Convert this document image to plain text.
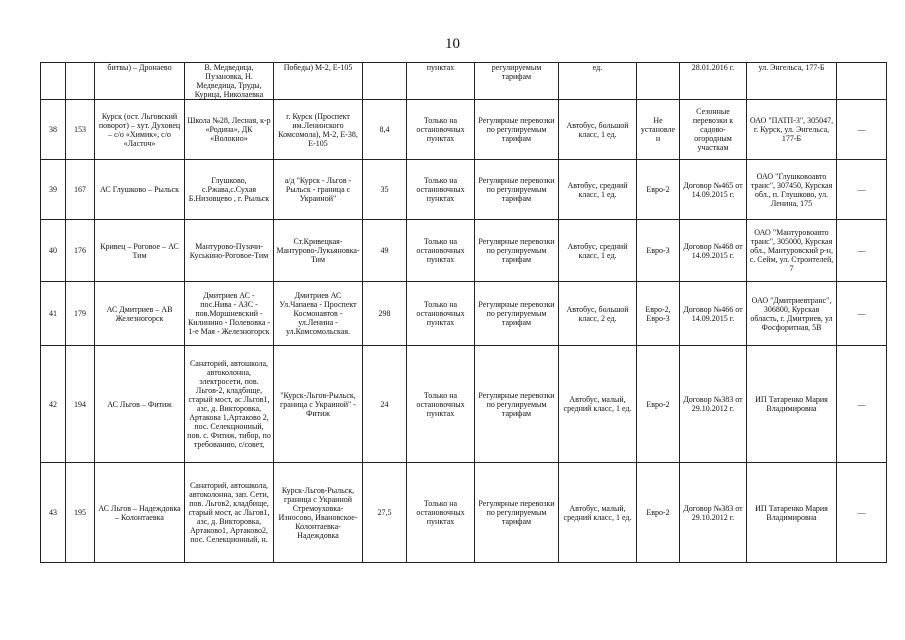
10
		битвы) – Дронаево	В. Медведица, Пузановка, Н. Медведица, Труды, Курица, Николаевка	Победы) М-2, Е-105		пунктах	регулируемым тарифам	ед.		28.01.2016 г.	ул. Энгельса, 177-Б	
38	153	Курск (ост. Льговский поворот) – хут. Духовец – с/о «Химик», с/о «Ласточ»	Школа №28, Лесная, к-р «Родина», ДК «Волокно»	г. Курск (Проспект им.Ленинского Комсомола), М-2, Е-38, Е-105	8,4	Только на остановочных пунктах	Регулярные перевозки по регулируемым тарифам	Автобус, большой класс, 1 ед.	Не установлен	Сезонные перевозки к садово-огородным участкам	ОАО "ПАТП-3", 305047, г. Курск, ул. Энгельса, 177-Б	—
39	167	АС Глушково – Рыльск	Глушково, с.Ржава,с.Сухая Б.Низовцево , г. Рыльск	а/д "Курск - Льгов - Рыльск - граница с Украиной"	35	Только на остановочных пунктах	Регулярные перевозки по регулируемым тарифам	Автобус, средний класс, 1 ед.	Евро-2	Договор №465 от 14.09.2015 г.	ОАО "Глушковоавто транс", 307450, Курская обл., п. Глушково, ул. Ленина, 175	—
40	176	Кривец – Роговое – АС Тим	Мантурово-Пузачи-Куськино-Роговое-Тим	Ст.Кривецкая-Мантурово-Лукьяновка- Тим	49	Только на остановочных пунктах	Регулярные перевозки по регулируемым тарифам	Автобус, средний класс, 1 ед.	Евро-3	Договор №468 от 14.09.2015 г.	ОАО "Мантуровоавто транс", 305000, Курская обл., Мантуровский р-н, с. Сейм, ул. Строителей, 7	—
41	179	АС Дмитриев – АВ Железногорск	Дмитриев АС - пос.Нива - АЗС - пов.Моршневский - Килинино - Полевовка - 1-е Мая - Железногорск	Дмитриев АС Ул.Чапаева - Проспект Космонавтов - ул.Ленина - ул.Комсомольская.	298	Только на остановочных пунктах	Регулярные перевозки по регулируемым тарифам	Автобус, большой класс, 2 ед.	Евро-2, Евро-3	Договор №466 от 14.09.2015 г.	ОАО "Дмитриевтранс", 306800, Курская область, г. Дмитриев, ул Фосфоритная, 5В	—
42	194	АС Льгов – Фитиж	Санаторий, автошкола, автоколонна, электросети, пов. Льгов-2, кладбище, старый мост, ас Льгов1, азс, д. Викторовка, Артакова 1,Артаково 2, пос. Селекционный, пов. с. Фитиж, тибор, по требованию, с/совет,	"Курск-Льгов-Рыльск, граница с Украиной" - Фитиж	24	Только на остановочных пунктах	Регулярные перевозки по регулируемым тарифам	Автобус, малый, средний класс, 1 ед.	Евро-2	Договор №383 от 29.10.2012 г.	ИП Татаренко Мария Владимировна	—
43	195	АС Льгов – Надеждовка – Колонтаевка	Санаторий, автошкола, автоколонна, зап. Сети, пов. Льгов2, кладбище, старый мост, ас Льгов1, азс, д. Викторовка, Артаково1, Артаково2, пос. Селекционный, н.	Курск-Льгов-Рыльск, граница с Украиной Стремоуховка-Износово, Ивановское-Колонтаевка-Надеждовка	27,5	Только на остановочных пунктах	Регулярные перевозки по регулируемым тарифам	Автобус, малый, средний класс, 1 ед.	Евро-2	Договор №383 от 29.10.2012 г.	ИП Татаренко Мария Владимировна	—
